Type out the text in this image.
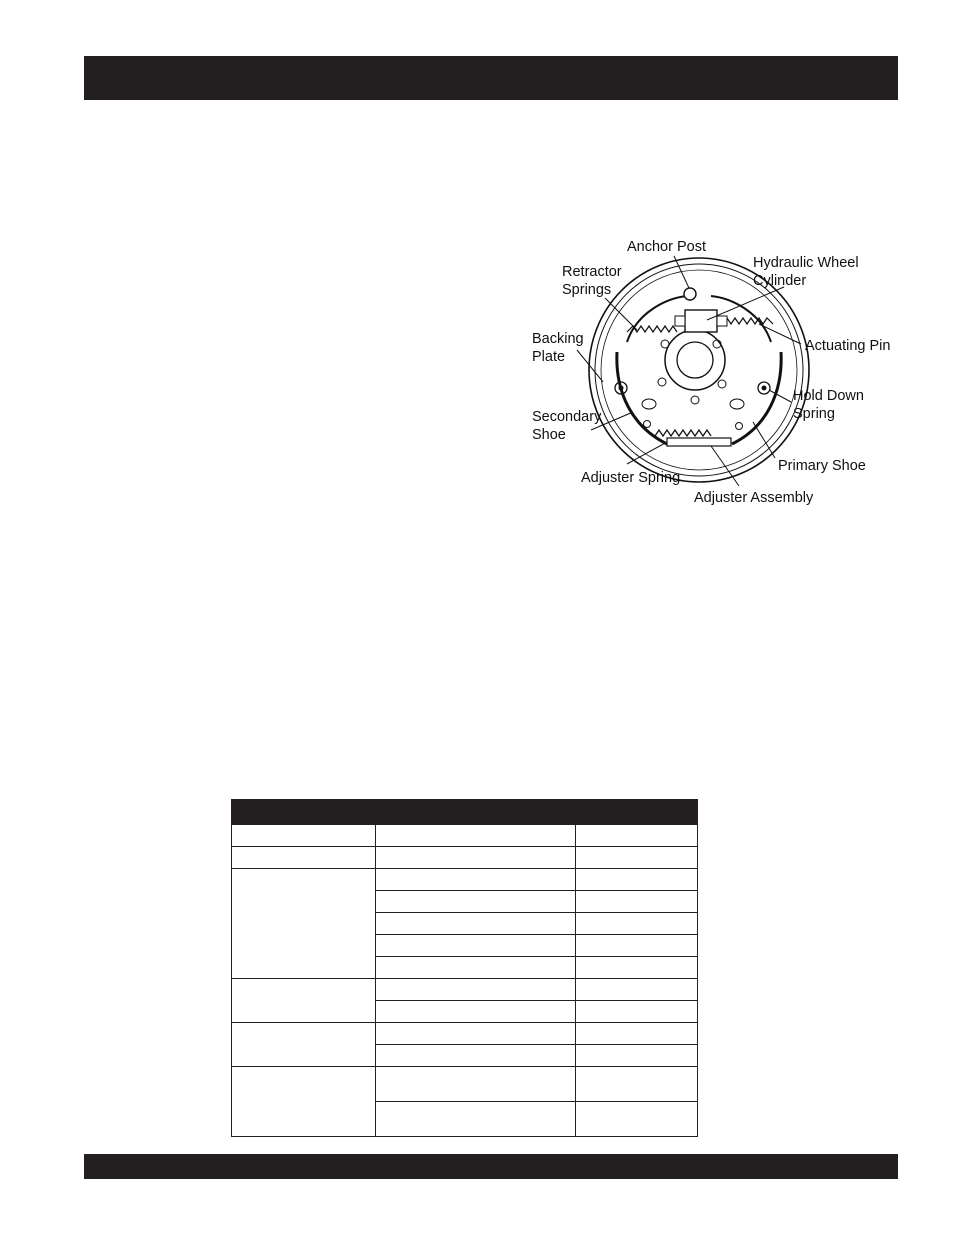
Anchor Post
Hydraulic Wheel
Cylinder
Retractor
Springs
Actuating Pin
Backing
Plate
Hold Down
Spring
Secondary
Shoe
Primary Shoe
Adjuster Spring
Adjuster Assembly
